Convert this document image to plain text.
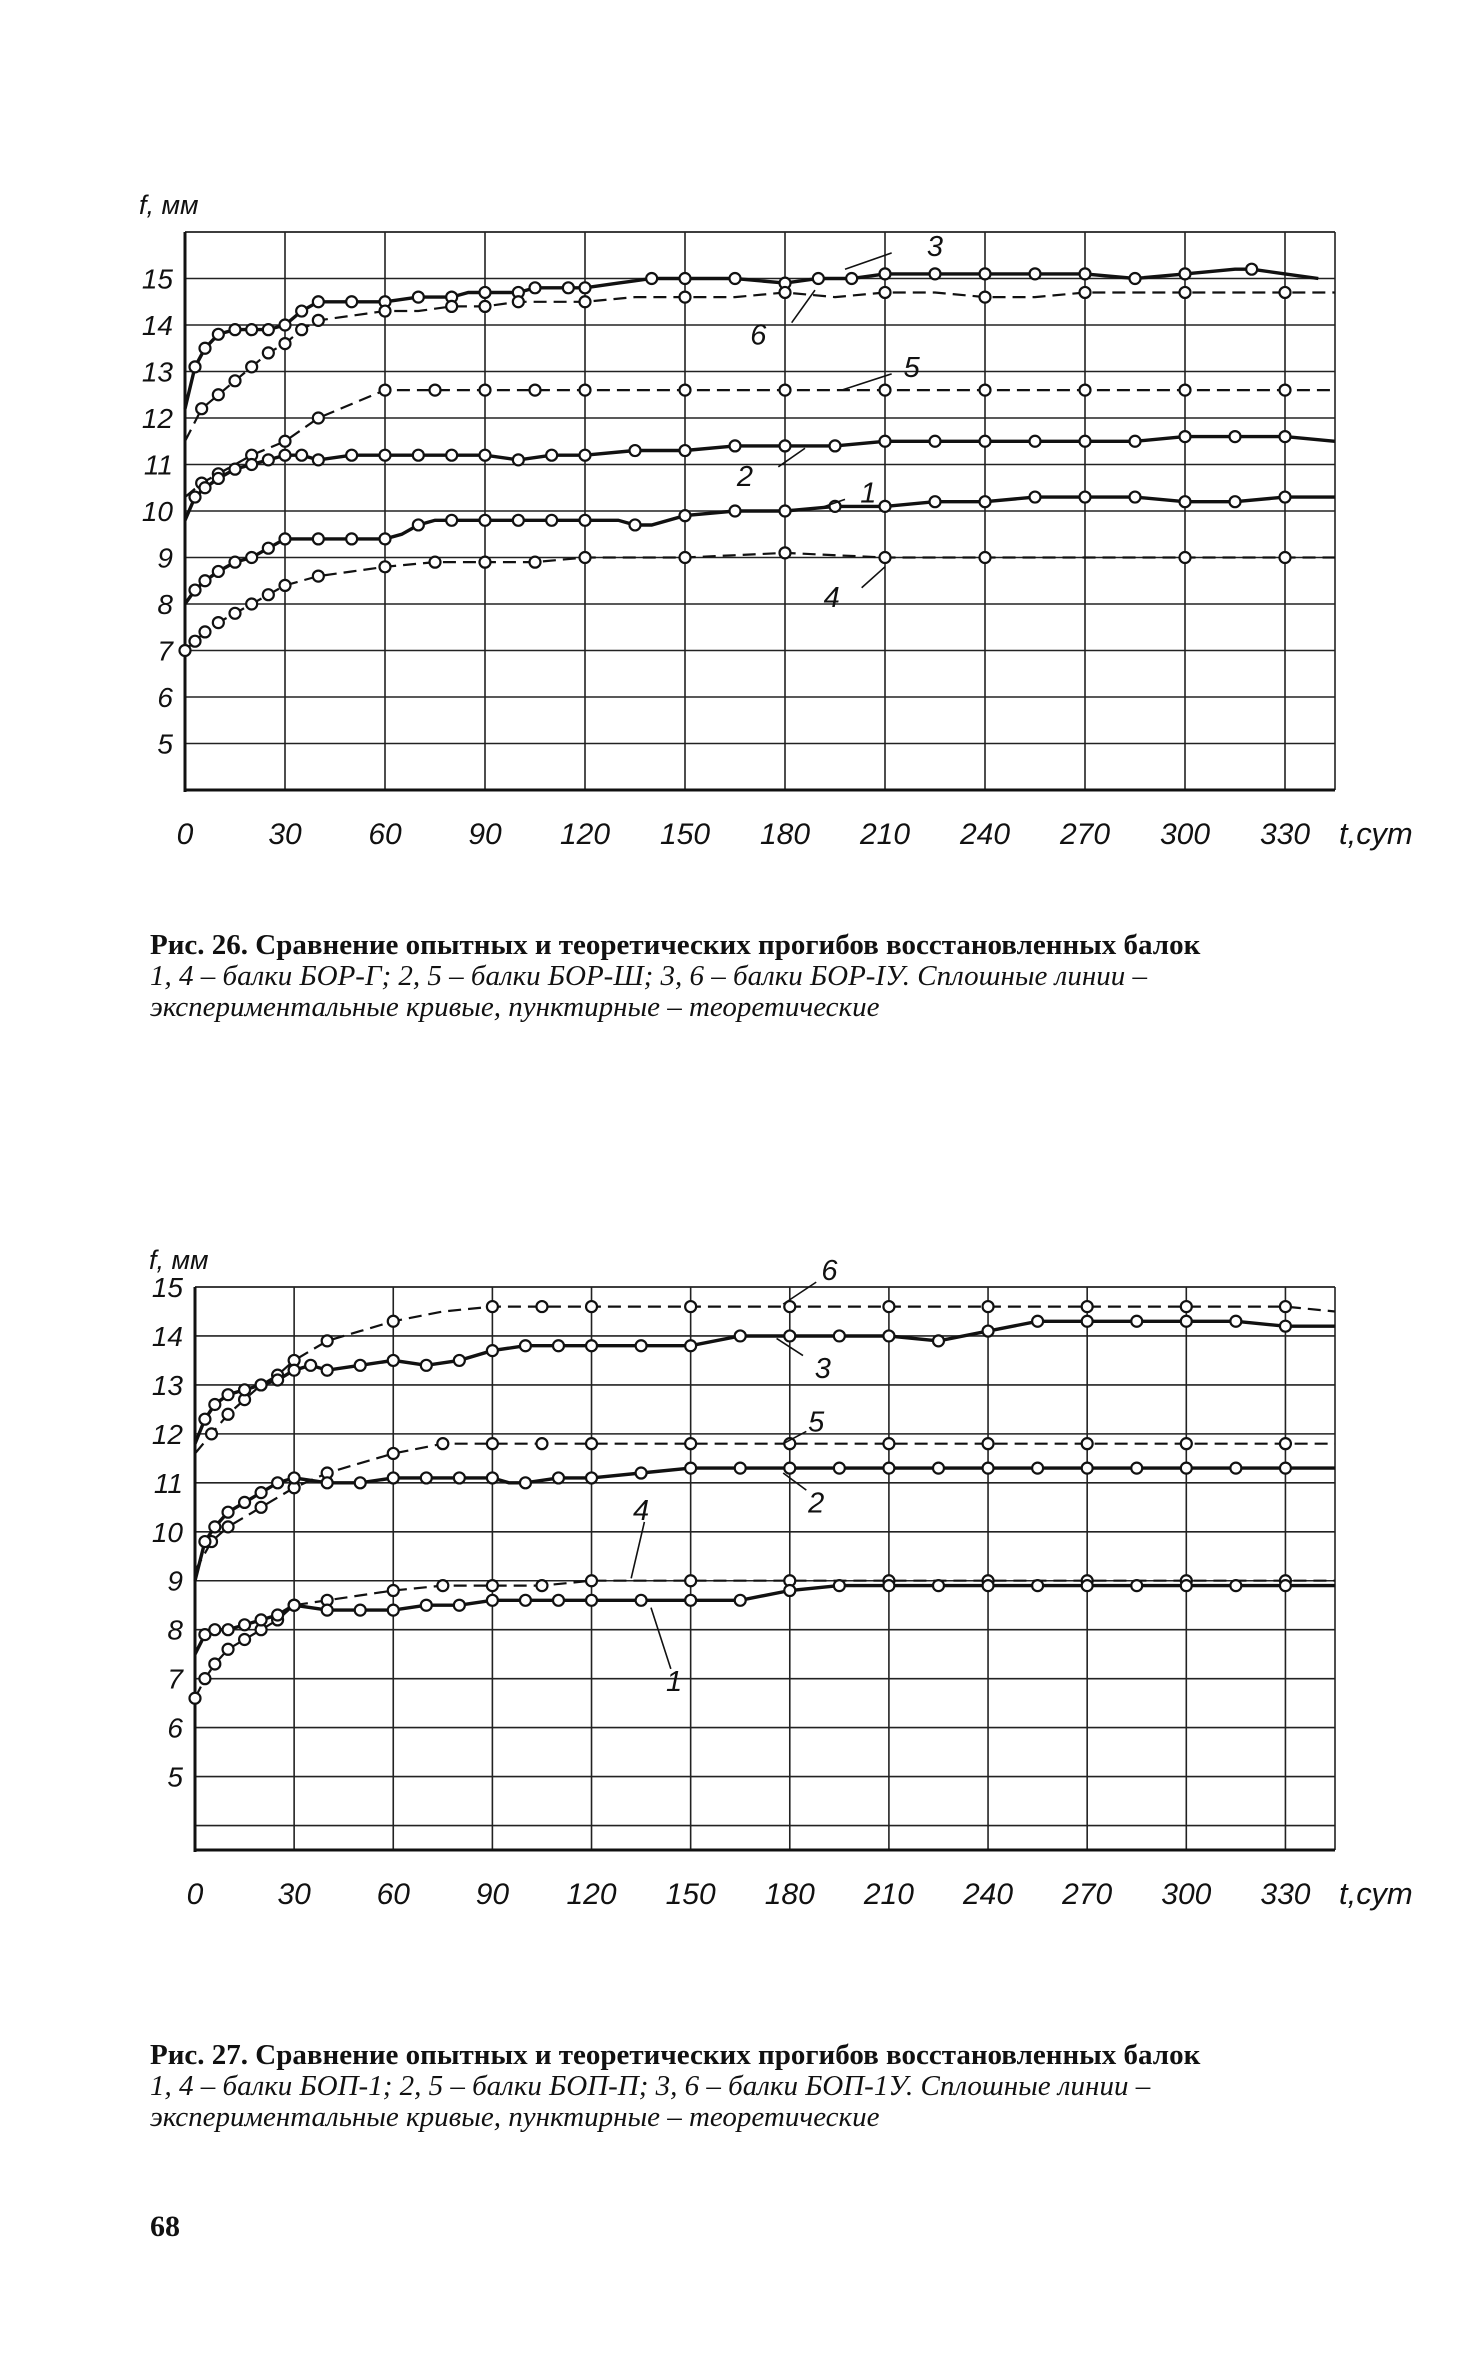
0 30 60 90 120 150 180 210 240 270 300 330
15
14
13
12
11
10
9
8
7
6
5
t,сут
f, мм
3
6
5
2
1
4
Рис. 26. Сравнение опытных и теоретических прогибов восстановленных балок
1, 4 – балки БОР-Г; 2, 5 – балки БОР-Ш; 3, 6 – балки БОР-IУ. Сплошные линии – экспериментальные кривые, пунктирные – теоретические
0 30 60 90 120 150 180 210 240 270 300 330
15
14
13
12
11
10
9
8
7
6
5
t,сут
f, мм	6
3
5
2
4
1
Рис. 27. Сравнение опытных и теоретических прогибов восстановленных балок
1, 4 – балки БОП-1; 2, 5 – балки БОП-П; 3, 6 – балки БОП-1У. Сплошные линии – экспериментальные кривые, пунктирные – теоретические
68
